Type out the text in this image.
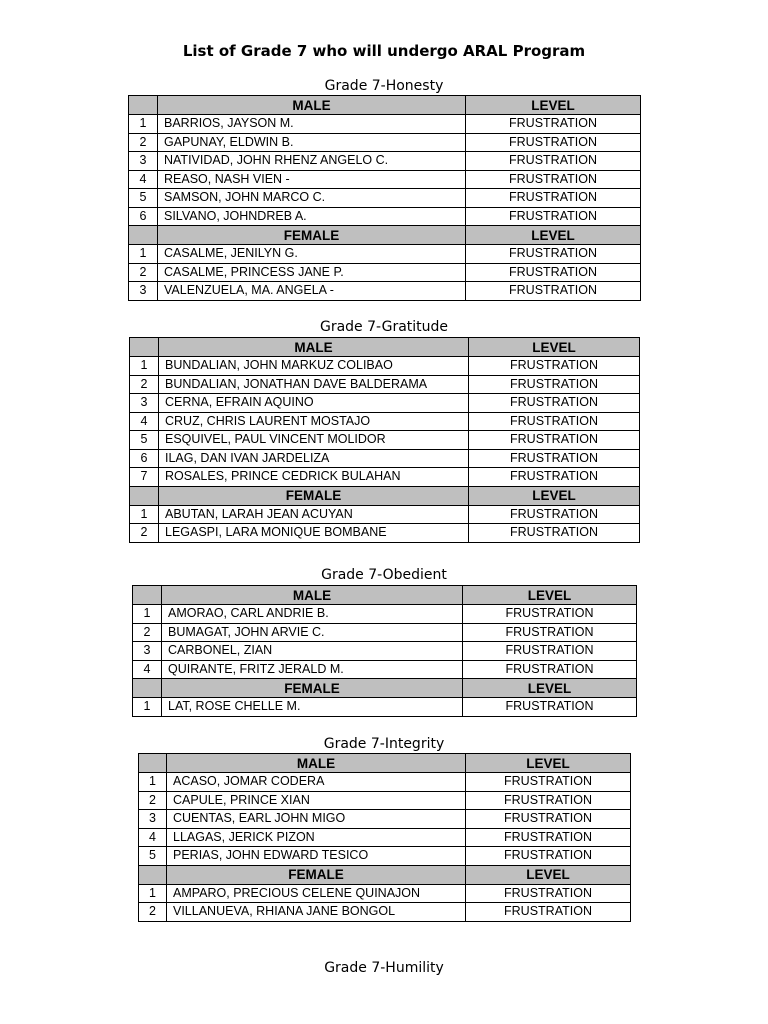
List of Grade 7 who will undergo ARAL Program
Grade 7-Honesty
	MALE	LEVEL
1	BARRIOS, JAYSON M.	FRUSTRATION
2	GAPUNAY, ELDWIN B.	FRUSTRATION
3	NATIVIDAD, JOHN RHENZ ANGELO C.	FRUSTRATION
4	REASO, NASH VIEN -	FRUSTRATION
5	SAMSON, JOHN MARCO C.	FRUSTRATION
6	SILVANO, JOHNDREB A.	FRUSTRATION
	FEMALE	LEVEL
1	CASALME, JENILYN G.	FRUSTRATION
2	CASALME, PRINCESS JANE P.	FRUSTRATION
3	VALENZUELA, MA. ANGELA -	FRUSTRATION
Grade 7-Gratitude
	MALE	LEVEL
1	BUNDALIAN, JOHN MARKUZ COLIBAO	FRUSTRATION
2	BUNDALIAN, JONATHAN DAVE BALDERAMA	FRUSTRATION
3	CERNA, EFRAIN AQUINO	FRUSTRATION
4	CRUZ, CHRIS LAURENT MOSTAJO	FRUSTRATION
5	ESQUIVEL, PAUL VINCENT MOLIDOR	FRUSTRATION
6	ILAG, DAN IVAN JARDELIZA	FRUSTRATION
7	ROSALES, PRINCE CEDRICK BULAHAN	FRUSTRATION
	FEMALE	LEVEL
1	ABUTAN, LARAH JEAN ACUYAN	FRUSTRATION
2	LEGASPI, LARA MONIQUE BOMBANE	FRUSTRATION
Grade 7-Obedient
	MALE	LEVEL
1	AMORAO, CARL ANDRIE B.	FRUSTRATION
2	BUMAGAT, JOHN ARVIE C.	FRUSTRATION
3	CARBONEL, ZIAN	FRUSTRATION
4	QUIRANTE, FRITZ JERALD M.	FRUSTRATION
	FEMALE	LEVEL
1	LAT, ROSE CHELLE M.	FRUSTRATION
Grade 7-Integrity
	MALE	LEVEL
1	ACASO, JOMAR CODERA	FRUSTRATION
2	CAPULE, PRINCE XIAN	FRUSTRATION
3	CUENTAS, EARL JOHN MIGO	FRUSTRATION
4	LLAGAS, JERICK PIZON	FRUSTRATION
5	PERIAS, JOHN EDWARD TESICO	FRUSTRATION
	FEMALE	LEVEL
1	AMPARO, PRECIOUS CELENE QUINAJON	FRUSTRATION
2	VILLANUEVA, RHIANA JANE BONGOL	FRUSTRATION
Grade 7-Humility
